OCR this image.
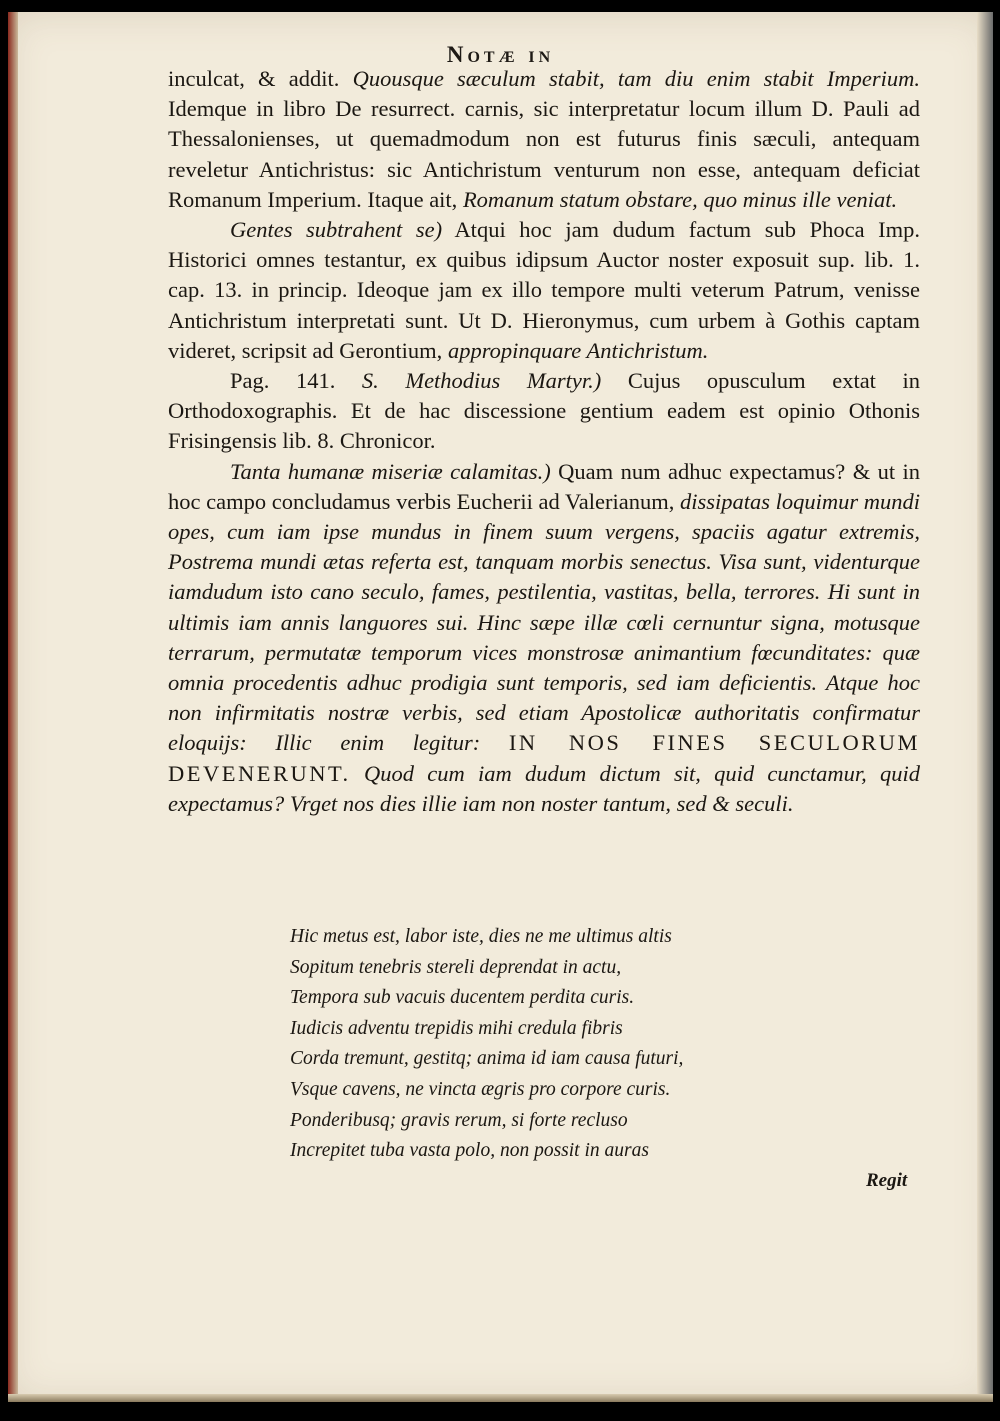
Notæ in

inculcat, & addit. Quousque sæculum stabit, tam diu enim stabit Imperium. Idemque in libro De resurrect. carnis, sic interpretatur locum illum D. Pauli ad Thessalonienses, ut quemadmodum non est futurus finis sæculi, antequam reveletur Antichristus: sic Antichristum venturum non esse, antequam deficiat Romanum Imperium. Itaque ait, Romanum statum obstare, quo minus ille veniat.

Gentes subtrahent se) Atqui hoc jam dudum factum sub Phoca Imp. Historici omnes testantur, ex quibus idipsum Auctor noster exposuit sup. lib. 1. cap. 13. in princip. Ideoque jam ex illo tempore multi veterum Patrum, venisse Antichristum interpretati sunt. Ut D. Hieronymus, cum urbem à Gothis captam videret, scripsit ad Gerontium, appropinquare Antichristum.

Pag. 141. S. Methodius Martyr.) Cujus opusculum extat in Orthodoxographis. Et de hac discessione gentium eadem est opinio Othonis Frisingensis lib. 8. Chronicor.

Tanta humanæ miseriæ calamitas.) Quam num adhuc expectamus? & ut in hoc campo concludamus verbis Eucherii ad Valerianum, dissipatas loquimur mundi opes, cum iam ipse mundus in finem suum vergens, spaciis agatur extremis, Postrema mundi ætas referta est, tanquam morbis senectus. Visa sunt, videnturque iamdudum isto cano seculo, fames, pestilentia, vastitas, bella, terrores. Hi sunt in ultimis iam annis languores sui. Hinc sæpe illæ cœli cernuntur signa, motusque terrarum, permutatæ temporum vices monstrosæ animantium fœcunditates: quæ omnia procedentis adhuc prodigia sunt temporis, sed iam deficientis. Atque hoc non infirmitatis nostræ verbis, sed etiam Apostolicæ authoritatis confirmatur eloquijs: Illic enim legitur: IN NOS FINES SECULORUM DEVENERUNT. Quod cum iam dudum dictum sit, quid cunctamur, quid expectamus? Vrget nos dies illie iam non noster tantum, sed & seculi.

Hic metus est, labor iste, dies ne me ultimus altis
Sopitum tenebris stereli deprendat in actu,
Tempora sub vacuis ducentem perdita curis.
Iudicis adventu trepidis mihi credula fibris
Corda tremunt, gestitq; anima id iam causa futuri,
Vsque cavens, ne vincta ægris pro corpore curis.
Ponderibusq; gravis rerum, si forte recluso
Increpitet tuba vasta polo, non possit in auras
Regit
